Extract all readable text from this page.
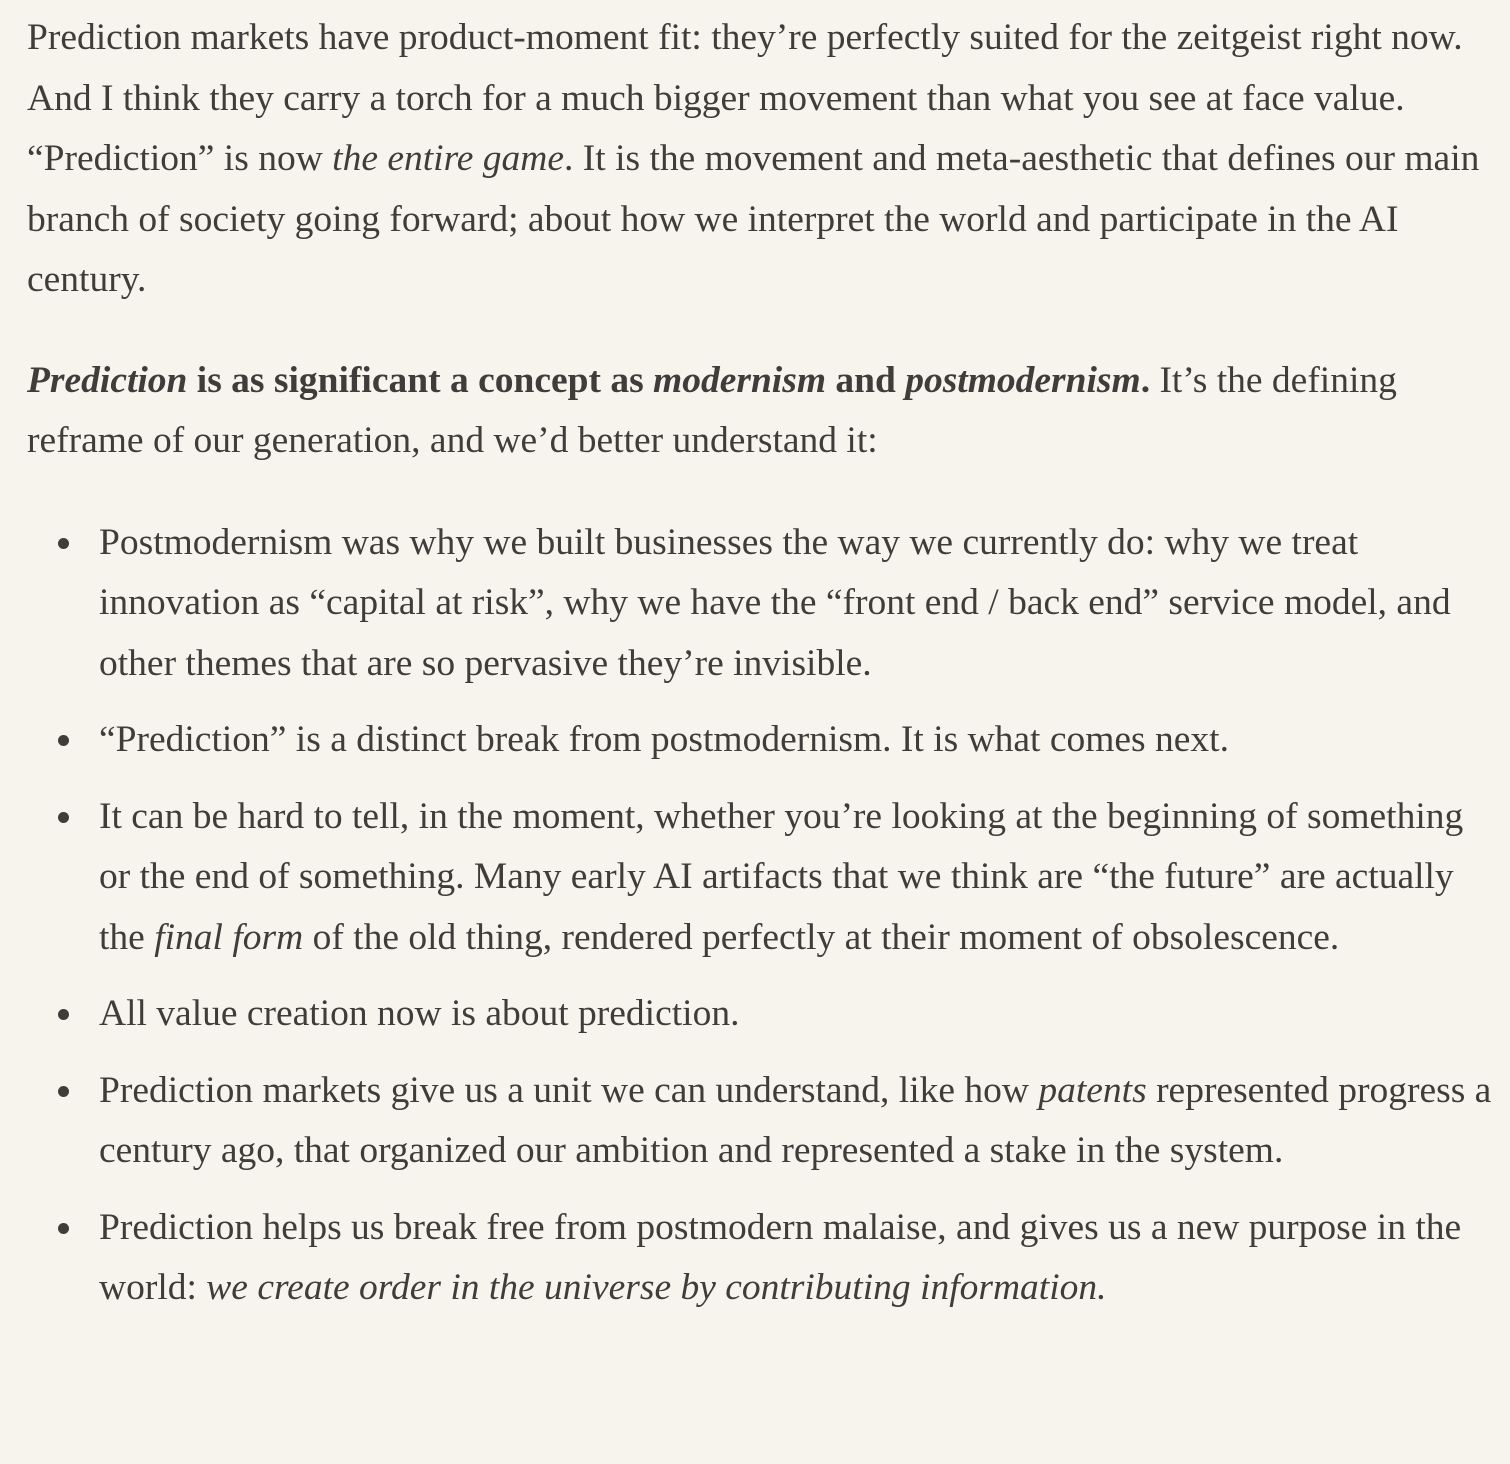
Prediction markets have product-moment fit: they’re perfectly suited for the zeitgeist right now. And I think they carry a torch for a much bigger movement than what you see at face value. “Prediction” is now the entire game. It is the movement and meta-aesthetic that defines our main branch of society going forward; about how we interpret the world and participate in the AI century.

Prediction is as significant a concept as modernism and postmodernism. It’s the defining reframe of our generation, and we’d better understand it:

Postmodernism was why we built businesses the way we currently do: why we treat innovation as “capital at risk”, why we have the “front end / back end” service model, and other themes that are so pervasive they’re invisible.
“Prediction” is a distinct break from postmodernism. It is what comes next.
It can be hard to tell, in the moment, whether you’re looking at the beginning of something or the end of something. Many early AI artifacts that we think are “the future” are actually the final form of the old thing, rendered perfectly at their moment of obsolescence.
All value creation now is about prediction.
Prediction markets give us a unit we can understand, like how patents represented progress a century ago, that organized our ambition and represented a stake in the system.
Prediction helps us break free from postmodern malaise, and gives us a new purpose in the world: we create order in the universe by contributing information.
